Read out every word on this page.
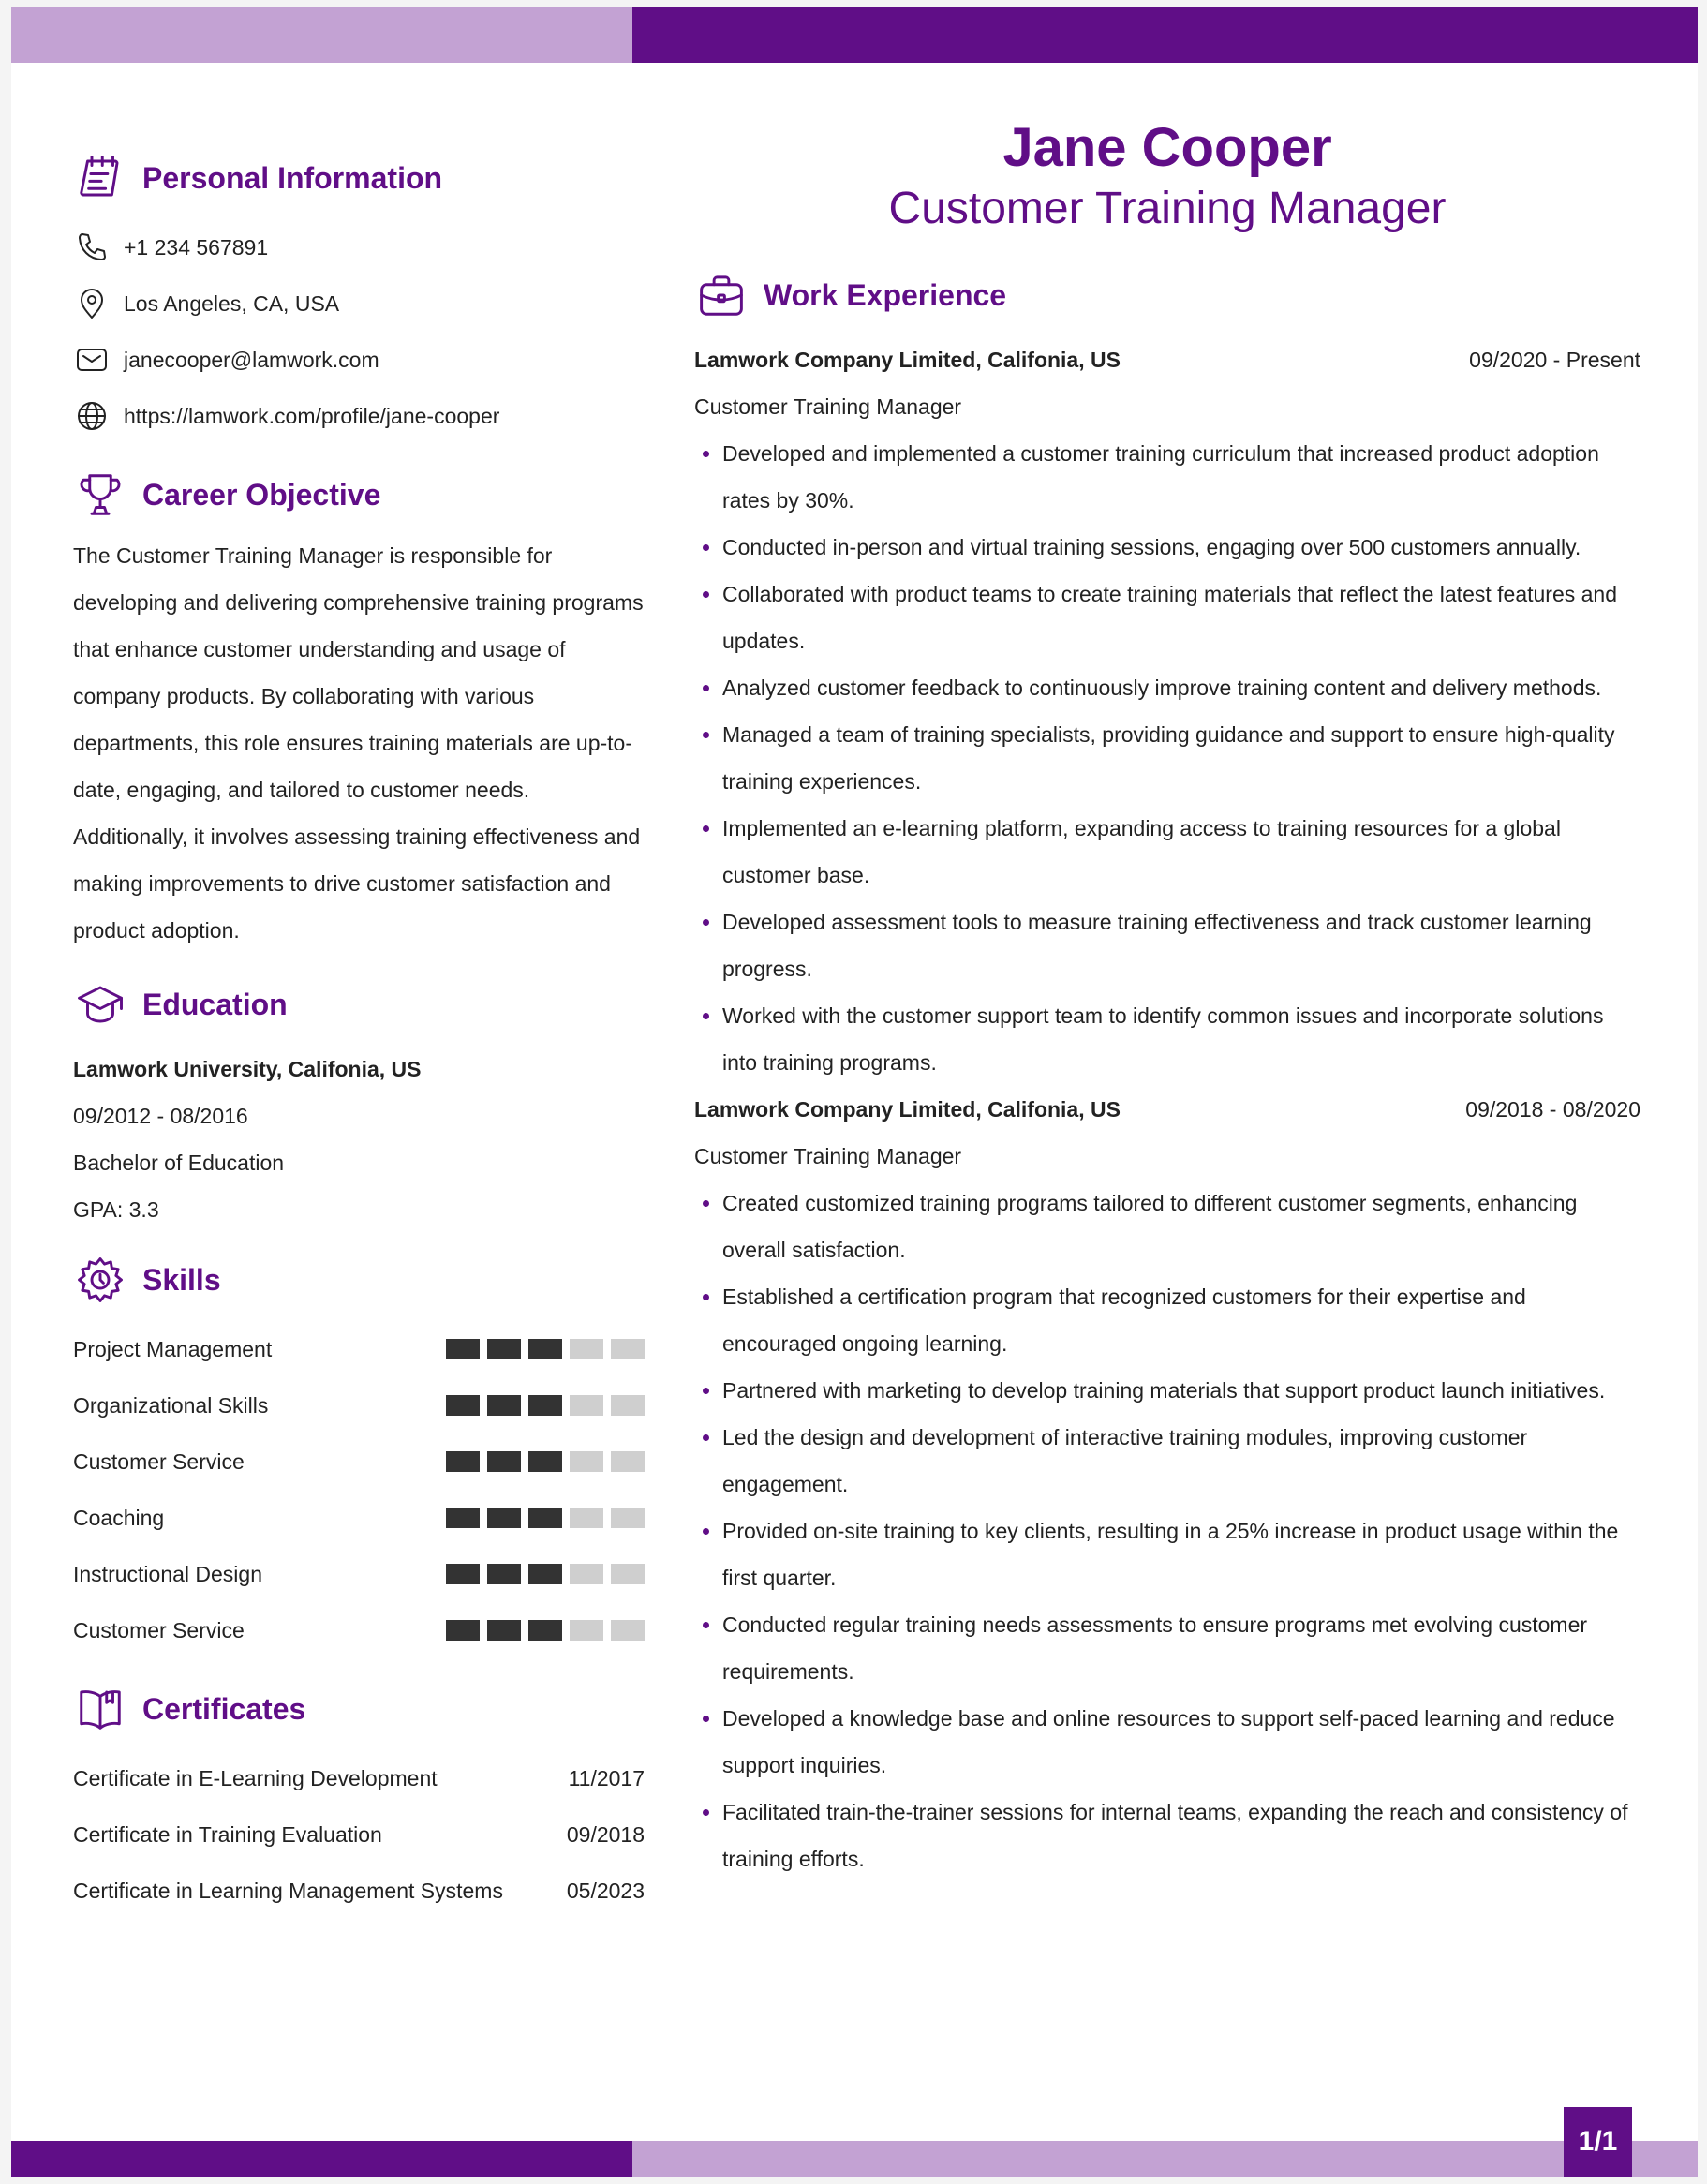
Personal Information
+1 234 567891
Los Angeles, CA, USA
janecooper@lamwork.com
https://lamwork.com/profile/jane-cooper
Career Objective
The Customer Training Manager is responsible for developing and delivering comprehensive training programs that enhance customer understanding and usage of company products. By collaborating with various departments, this role ensures training materials are up-to-date, engaging, and tailored to customer needs. Additionally, it involves assessing training effectiveness and making improvements to drive customer satisfaction and product adoption.
Education
Lamwork University, Califonia, US
09/2012 - 08/2016
Bachelor of Education
GPA: 3.3
Skills
Project Management
Organizational Skills
Customer Service
Coaching
Instructional Design
Customer Service
Certificates
Certificate in E-Learning Development	11/2017
Certificate in Training Evaluation	09/2018
Certificate in Learning Management Systems	05/2023
Jane Cooper
Customer Training Manager
Work Experience
Lamwork Company Limited, Califonia, US	09/2020 - Present
Customer Training Manager
Developed and implemented a customer training curriculum that increased product adoption rates by 30%.
Conducted in-person and virtual training sessions, engaging over 500 customers annually.
Collaborated with product teams to create training materials that reflect the latest features and updates.
Analyzed customer feedback to continuously improve training content and delivery methods.
Managed a team of training specialists, providing guidance and support to ensure high-quality training experiences.
Implemented an e-learning platform, expanding access to training resources for a global customer base.
Developed assessment tools to measure training effectiveness and track customer learning progress.
Worked with the customer support team to identify common issues and incorporate solutions into training programs.
Lamwork Company Limited, Califonia, US	09/2018 - 08/2020
Customer Training Manager
Created customized training programs tailored to different customer segments, enhancing overall satisfaction.
Established a certification program that recognized customers for their expertise and encouraged ongoing learning.
Partnered with marketing to develop training materials that support product launch initiatives.
Led the design and development of interactive training modules, improving customer engagement.
Provided on-site training to key clients, resulting in a 25% increase in product usage within the first quarter.
Conducted regular training needs assessments to ensure programs met evolving customer requirements.
Developed a knowledge base and online resources to support self-paced learning and reduce support inquiries.
Facilitated train-the-trainer sessions for internal teams, expanding the reach and consistency of training efforts.
1/1
